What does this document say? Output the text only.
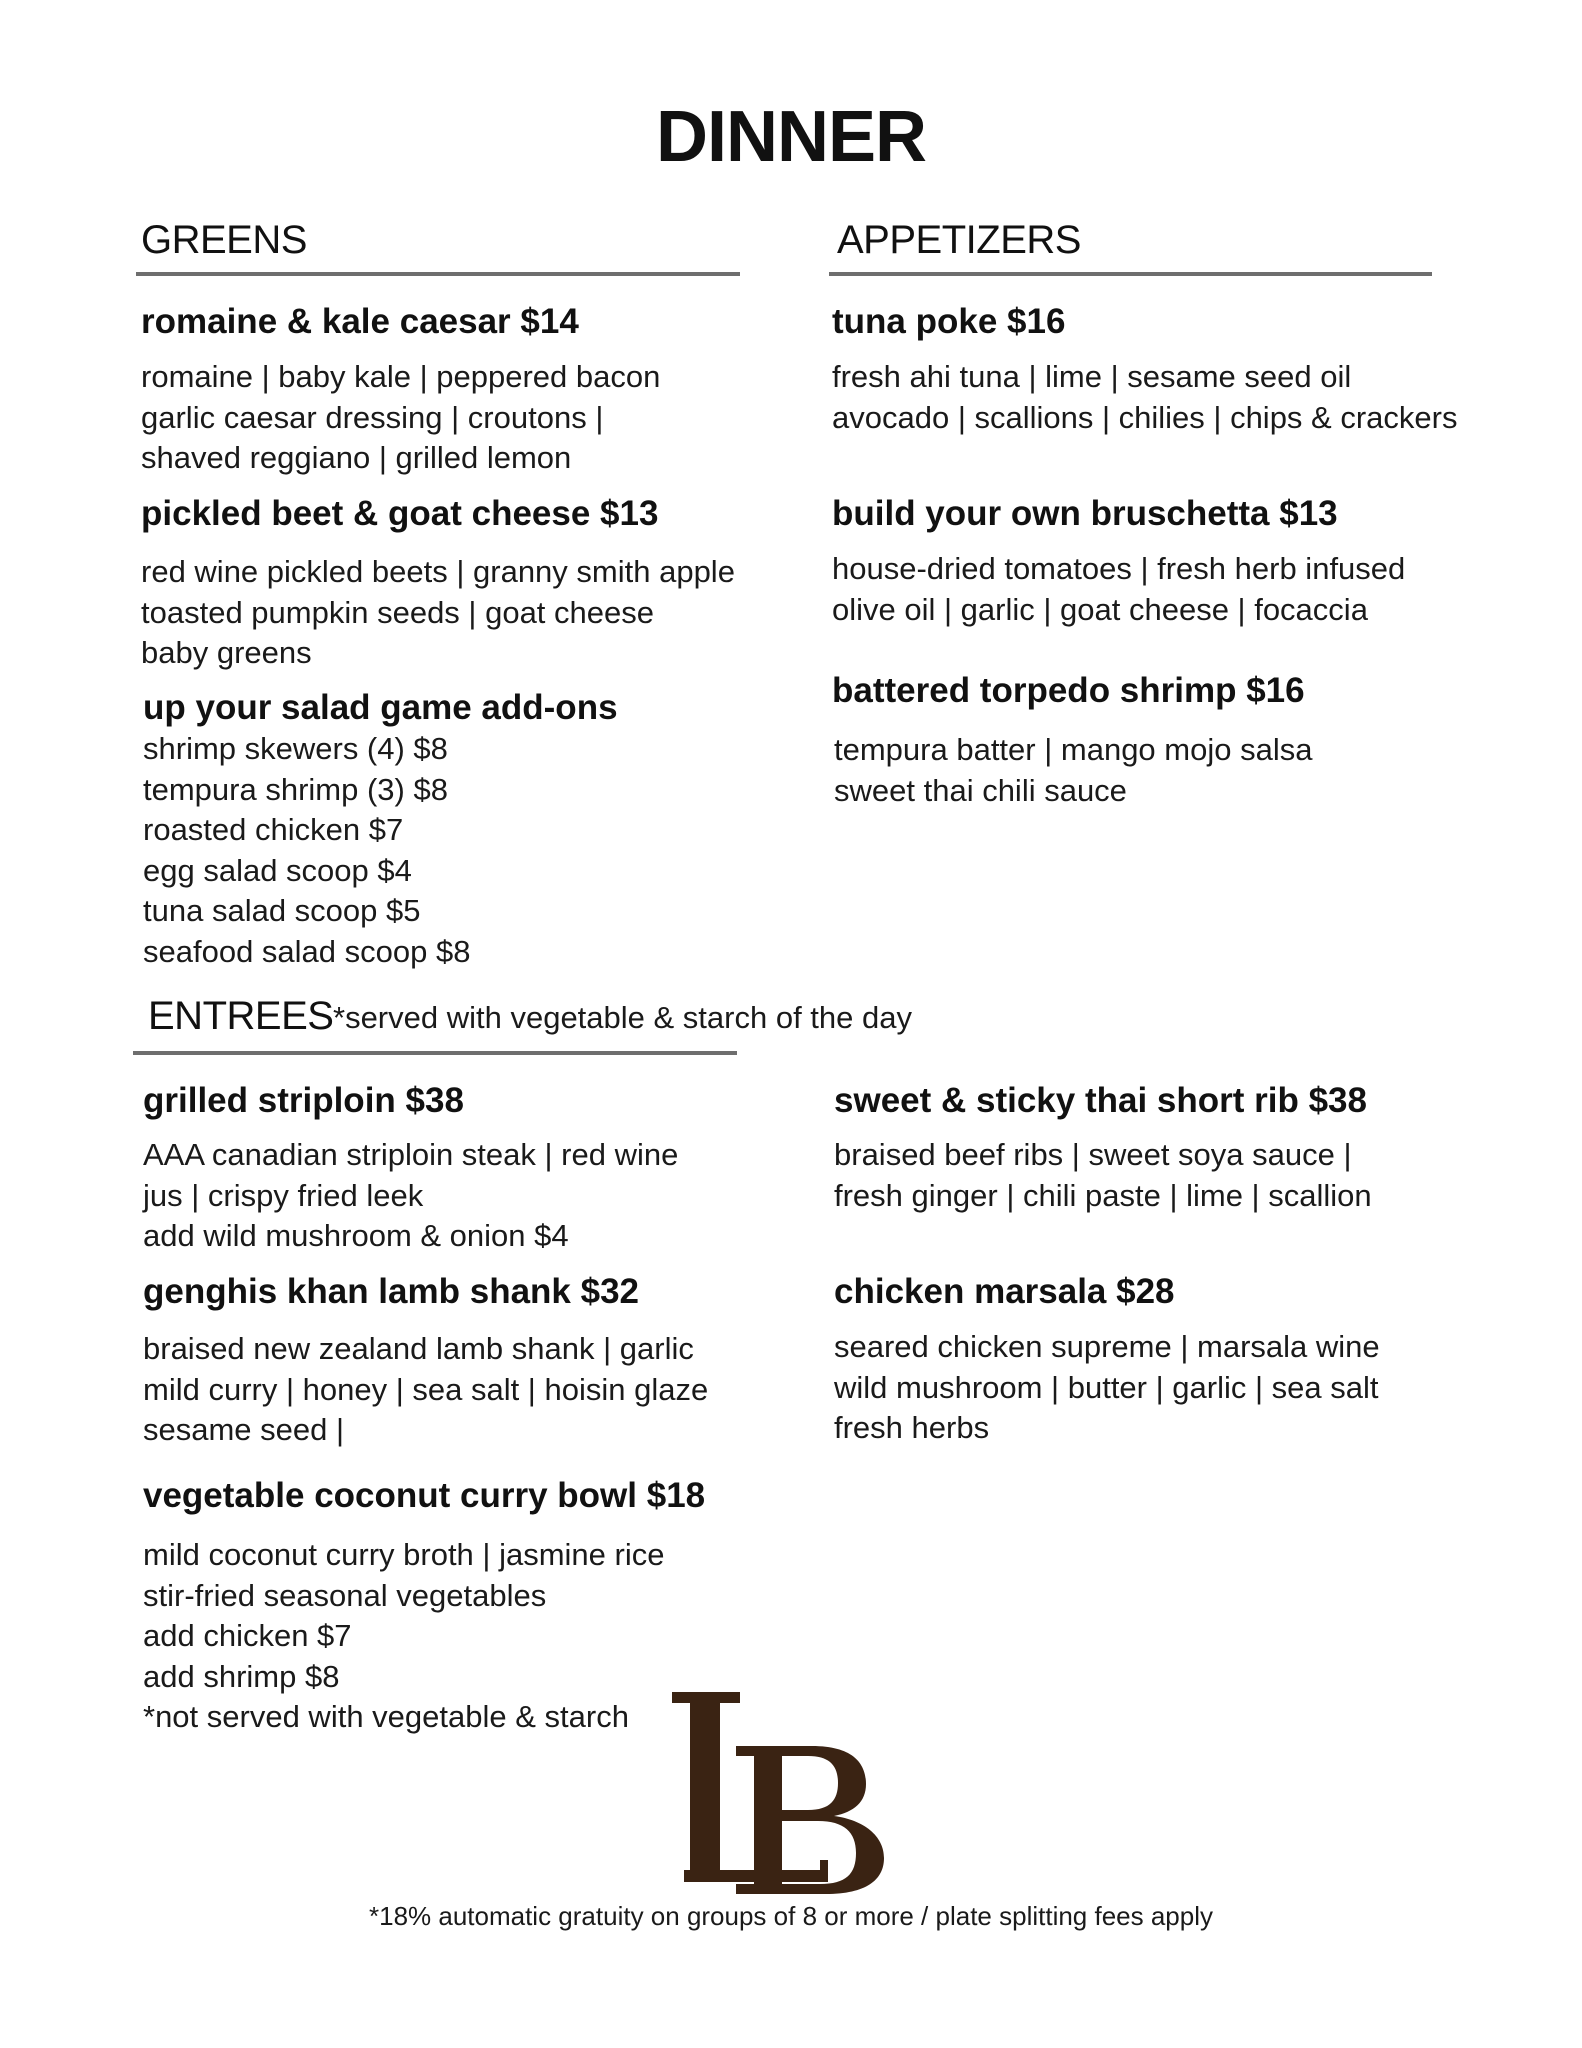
DINNER
GREENS
romaine & kale caesar $14
romaine | baby kale | peppered bacon
garlic caesar dressing | croutons |
shaved reggiano | grilled lemon
pickled beet & goat cheese $13
red wine pickled beets | granny smith apple
toasted pumpkin seeds | goat cheese
baby greens
up your salad game add-ons
shrimp skewers (4) $8
tempura shrimp (3) $8
roasted chicken $7
egg salad scoop $4
tuna salad scoop $5
seafood salad scoop $8
APPETIZERS
tuna poke $16
fresh ahi tuna | lime | sesame seed oil
avocado | scallions | chilies | chips & crackers
build your own bruschetta $13
house-dried tomatoes | fresh herb infused
olive oil | garlic | goat cheese | focaccia
battered torpedo shrimp $16
tempura batter | mango mojo salsa
sweet thai chili sauce
ENTREES *served with vegetable & starch of the day
grilled striploin $38
AAA canadian striploin steak | red wine
jus | crispy fried leek
add wild mushroom & onion $4
genghis khan lamb shank $32
braised new zealand lamb shank | garlic
mild curry | honey | sea salt | hoisin glaze
sesame seed |
vegetable coconut curry bowl $18
mild coconut curry broth | jasmine rice
stir-fried seasonal vegetables
add chicken $7
add shrimp $8
*not served with vegetable & starch
sweet & sticky thai short rib $38
braised beef ribs | sweet soya sauce |
fresh ginger | chili paste | lime | scallion
chicken marsala $28
seared chicken supreme | marsala wine
wild mushroom | butter | garlic | sea salt
fresh herbs
*18% automatic gratuity on groups of 8 or more / plate splitting fees apply
